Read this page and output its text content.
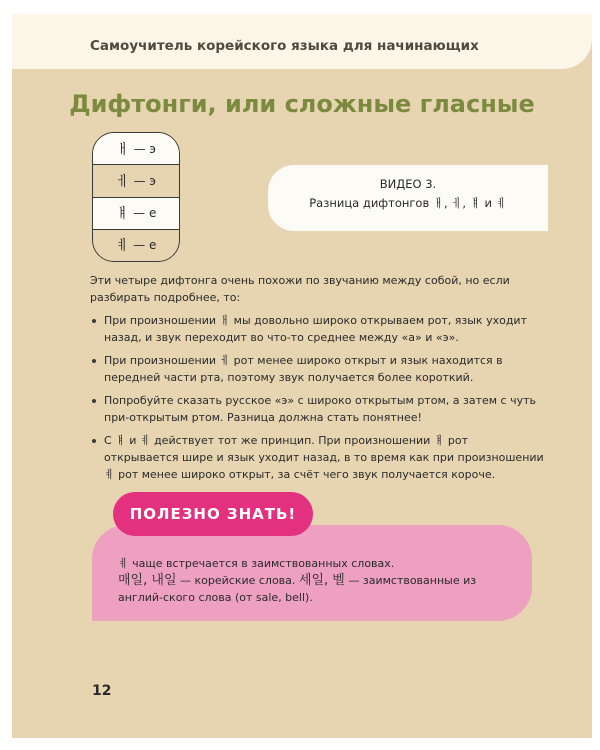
Самоучитель корейского языка для начинающих
Дифтонги, или сложные гласные
ㅐ — э
ㅔ — э
ㅒ — е
ㅖ — е
ВИДЕО 3.
Разница дифтонгов ㅐ, ㅔ, ㅒ и ㅖ

Эти четыре дифтонга очень похожи по звучанию между собой, но если разбирать подробнее, то:

При произношении ㅐ мы довольно широко открываем рот, язык уходит назад, и звук переходит во что-то среднее между «а» и «э».
При произношении ㅔ рот менее широко открыт и язык находится в передней части рта, поэтому звук получается более короткий.
Попробуйте сказать русское «э» с широко открытым ртом, а затем с чуть при-открытым ртом. Разница должна стать понятнее!
С ㅒ и ㅖ действует тот же принцип. При произношении ㅒ рот открывается шире и язык уходит назад, в то время как при произношении ㅖ рот менее широко открыт, за счёт чего звук получается короче.
ㅖ чаще встречается в заимствованных словах.
매일, 내일 — корейские слова. 세일, 벨 — заимствованные из англий-ского слова (от sale, bell).
ПОЛЕЗНО ЗНАТЬ!
12
